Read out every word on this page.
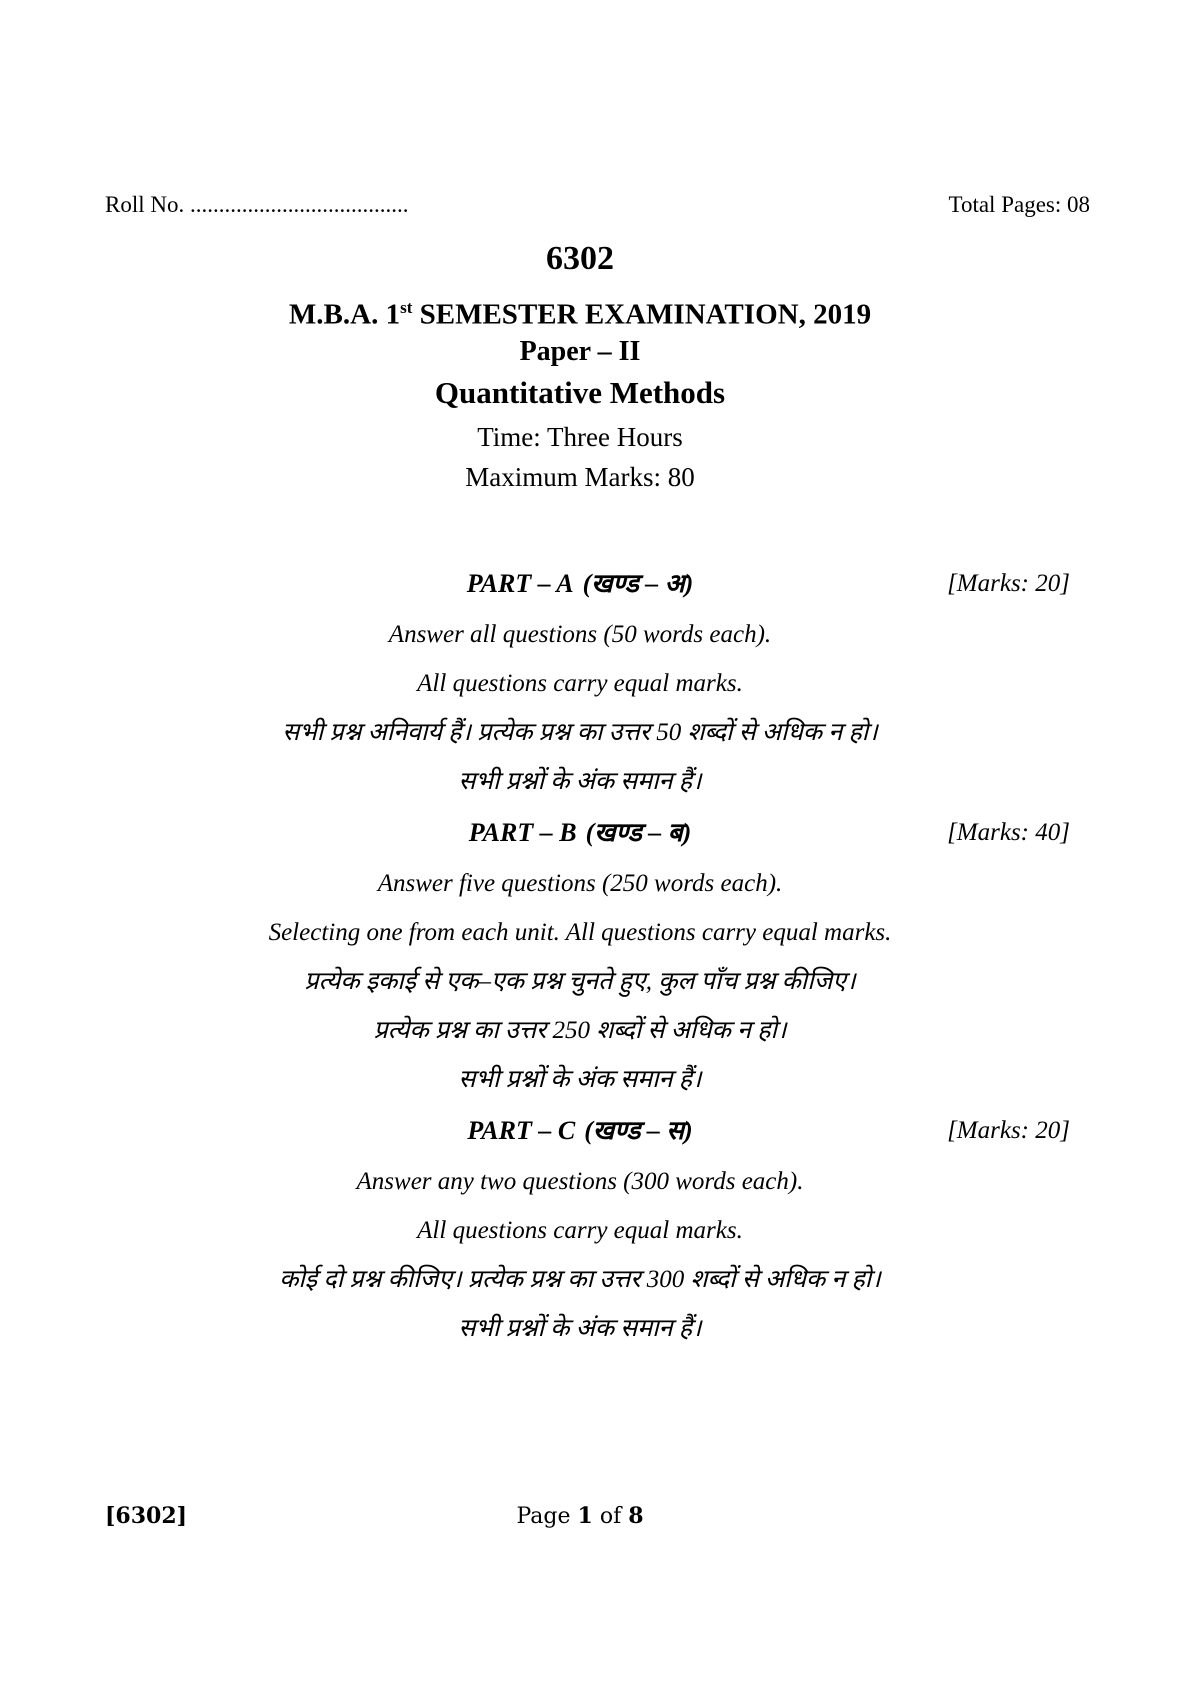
Roll No. ......................................	Total Pages: 08
6302
M.B.A. 1st SEMESTER EXAMINATION, 2019
Paper – II
Quantitative Methods
Time: Three Hours
Maximum Marks: 80
PART – A (खण्ड – अ)	[Marks: 20]
Answer all questions (50 words each).
All questions carry equal marks.
सभी प्रश्न अनिवार्य हैं। प्रत्येक प्रश्न का उत्तर 50 शब्दों से अधिक न हो।
सभी प्रश्नों के अंक समान हैं।
PART – B (खण्ड – ब)	[Marks: 40]
Answer five questions (250 words each).
Selecting one from each unit. All questions carry equal marks.
प्रत्येक इकाई से एक–एक प्रश्न चुनते हुए, कुल पाँच प्रश्न कीजिए।
प्रत्येक प्रश्न का उत्तर 250 शब्दों से अधिक न हो।
सभी प्रश्नों के अंक समान हैं।
PART – C (खण्ड – स)	[Marks: 20]
Answer any two questions (300 words each).
All questions carry equal marks.
कोई दो प्रश्न कीजिए। प्रत्येक प्रश्न का उत्तर 300 शब्दों से अधिक न हो।
सभी प्रश्नों के अंक समान हैं।
[6302]	Page 1 of 8
